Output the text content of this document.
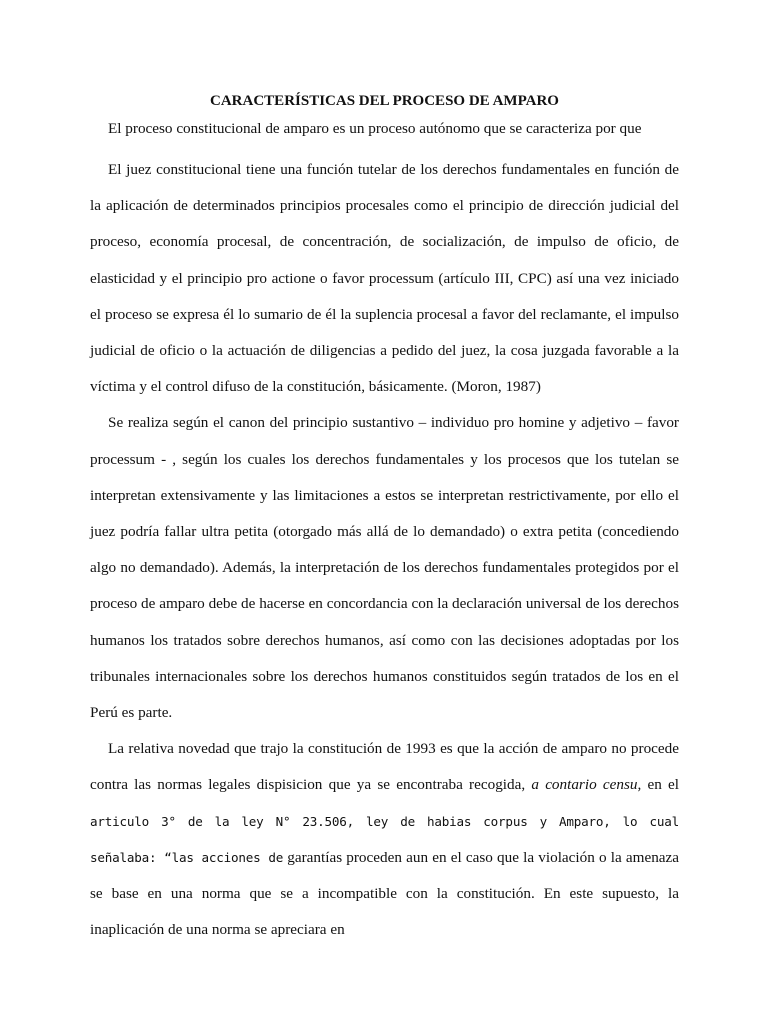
CARACTERÍSTICAS DEL PROCESO DE AMPARO

El proceso constitucional de amparo es un proceso autónomo que se caracteriza por que

El juez constitucional tiene una función tutelar de los derechos fundamentales en función de la aplicación de determinados principios procesales como el principio de dirección judicial del proceso, economía procesal, de concentración, de socialización, de impulso de oficio, de elasticidad y el principio pro actione o favor processum (artículo III, CPC) así una vez iniciado el proceso se expresa él lo sumario de él la suplencia procesal a favor del reclamante, el impulso judicial de oficio o la actuación de diligencias a pedido del juez, la cosa juzgada favorable a la víctima y el control difuso de la constitución, básicamente. (Moron, 1987)

Se realiza según el canon del principio sustantivo – individuo pro homine y adjetivo – favor processum - , según los cuales los derechos fundamentales y los procesos que los tutelan se interpretan extensivamente y las limitaciones a estos se interpretan restrictivamente, por ello el juez podría fallar ultra petita (otorgado más allá de lo demandado) o extra petita (concediendo algo no demandado). Además, la interpretación de los derechos fundamentales protegidos por el proceso de amparo debe de hacerse en concordancia con la declaración universal de los derechos humanos los tratados sobre derechos humanos, así como con las decisiones adoptadas por los tribunales internacionales sobre los derechos humanos constituidos según tratados de los en el Perú es parte.

La relativa novedad que trajo la constitución de 1993 es que la acción de amparo no procede contra las normas legales dispisicion que ya se encontraba recogida, a contario censu, en el articulo 3° de la ley N° 23.506, ley de habias corpus y Amparo, lo cual señalaba: “las acciones de garantías proceden aun en el caso que la violación o la amenaza se base en una norma que se a incompatible con la constitución. En este supuesto, la inaplicación de una norma se apreciara en
